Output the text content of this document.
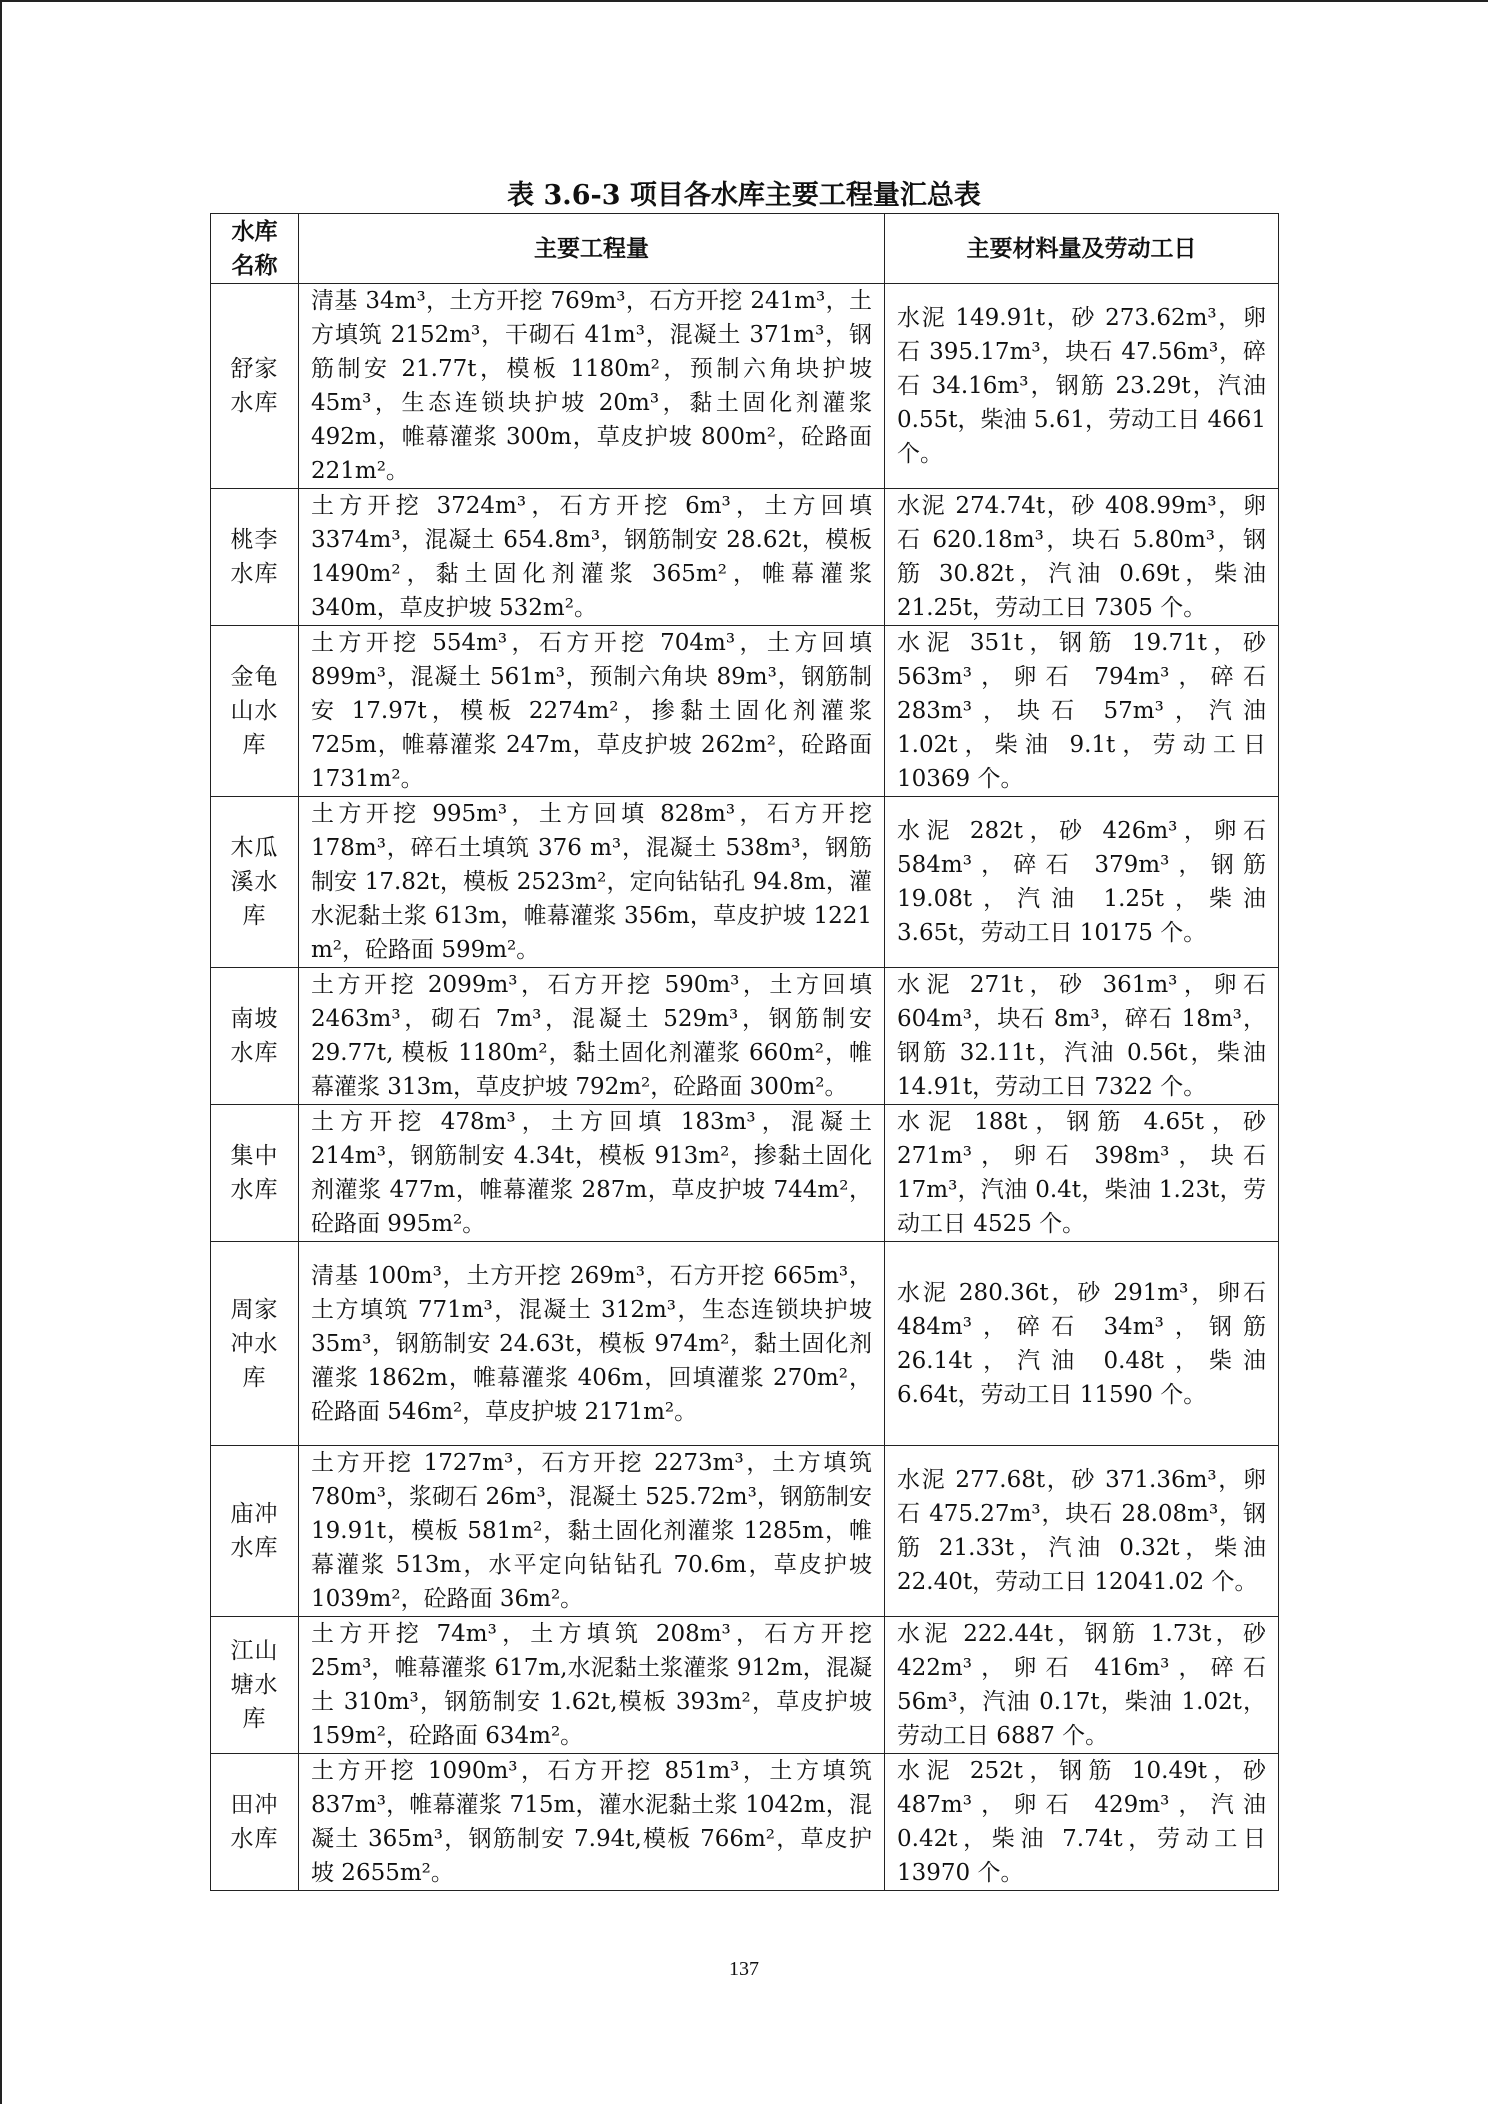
表 3.6-3 项目各水库主要工程量汇总表
水库名称	主要工程量	主要材料量及劳动工日
舒家水库	清基 34m³，土方开挖 769m³，石方开挖 241m³，土方填筑 2152m³，干砌石 41m³，混凝土 371m³，钢筋制安 21.77t，模板 1180m²，预制六角块护坡 45m³，生态连锁块护坡 20m³，黏土固化剂灌浆 492m，帷幕灌浆 300m，草皮护坡 800m²，砼路面 221m²。	水泥 149.91t，砂 273.62m³，卵石 395.17m³，块石 47.56m³，碎石 34.16m³，钢筋 23.29t，汽油 0.55t，柴油 5.61，劳动工日 4661 个。
桃李水库	土方开挖 3724m³，石方开挖 6m³，土方回填 3374m³，混凝土 654.8m³，钢筋制安 28.62t，模板 1490m²，黏土固化剂灌浆 365m²，帷幕灌浆 340m，草皮护坡 532m²。	水泥 274.74t，砂 408.99m³，卵石 620.18m³，块石 5.80m³，钢筋 30.82t，汽油 0.69t，柴油 21.25t，劳动工日 7305 个。
金龟山水库	土方开挖 554m³，石方开挖 704m³，土方回填 899m³，混凝土 561m³，预制六角块 89m³，钢筋制安 17.97t，模板 2274m²，掺黏土固化剂灌浆 725m，帷幕灌浆 247m，草皮护坡 262m²，砼路面 1731m²。	水泥 351t，钢筋 19.71t，砂 563m³，卵石 794m³，碎石 283m³，块石 57m³，汽油 1.02t，柴油 9.1t，劳动工日 10369 个。
木瓜溪水库	土方开挖 995m³，土方回填 828m³，石方开挖 178m³，碎石土填筑 376 m³，混凝土 538m³，钢筋制安 17.82t，模板 2523m²，定向钻钻孔 94.8m，灌水泥黏土浆 613m，帷幕灌浆 356m，草皮护坡 1221 m²，砼路面 599m²。	水泥 282t，砂 426m³，卵石 584m³，碎石 379m³，钢筋 19.08t，汽油 1.25t，柴油 3.65t，劳动工日 10175 个。
南坡水库	土方开挖 2099m³，石方开挖 590m³，土方回填 2463m³，砌石 7m³，混凝土 529m³，钢筋制安 29.77t, 模板 1180m²，黏土固化剂灌浆 660m²，帷幕灌浆 313m，草皮护坡 792m²，砼路面 300m²。	水泥 271t，砂 361m³，卵石 604m³，块石 8m³，碎石 18m³，钢筋 32.11t，汽油 0.56t，柴油 14.91t，劳动工日 7322 个。
集中水库	土方开挖 478m³，土方回填 183m³，混凝土 214m³，钢筋制安 4.34t，模板 913m²，掺黏土固化剂灌浆 477m，帷幕灌浆 287m，草皮护坡 744m²，砼路面 995m²。	水泥 188t，钢筋 4.65t，砂 271m³，卵石 398m³，块石 17m³，汽油 0.4t，柴油 1.23t，劳动工日 4525 个。
周家冲水库	清基 100m³，土方开挖 269m³，石方开挖 665m³，土方填筑 771m³，混凝土 312m³，生态连锁块护坡 35m³，钢筋制安 24.63t，模板 974m²，黏土固化剂灌浆 1862m，帷幕灌浆 406m，回填灌浆 270m²，砼路面 546m²，草皮护坡 2171m²。	水泥 280.36t，砂 291m³，卵石 484m³，碎石 34m³，钢筋 26.14t，汽油 0.48t，柴油 6.64t，劳动工日 11590 个。
庙冲水库	土方开挖 1727m³，石方开挖 2273m³，土方填筑 780m³，浆砌石 26m³，混凝土 525.72m³，钢筋制安 19.91t，模板 581m²，黏土固化剂灌浆 1285m，帷幕灌浆 513m，水平定向钻钻孔 70.6m，草皮护坡 1039m²，砼路面 36m²。	水泥 277.68t，砂 371.36m³，卵石 475.27m³，块石 28.08m³，钢筋 21.33t，汽油 0.32t，柴油 22.40t，劳动工日 12041.02 个。
江山塘水库	土方开挖 74m³，土方填筑 208m³，石方开挖 25m³，帷幕灌浆 617m,水泥黏土浆灌浆 912m，混凝土 310m³，钢筋制安 1.62t,模板 393m²，草皮护坡 159m²，砼路面 634m²。	水泥 222.44t，钢筋 1.73t，砂 422m³，卵石 416m³，碎石 56m³，汽油 0.17t，柴油 1.02t，劳动工日 6887 个。
田冲水库	土方开挖 1090m³，石方开挖 851m³，土方填筑 837m³，帷幕灌浆 715m，灌水泥黏土浆 1042m，混凝土 365m³，钢筋制安 7.94t,模板 766m²，草皮护坡 2655m²。	水泥 252t，钢筋 10.49t，砂 487m³，卵石 429m³，汽油 0.42t，柴油 7.74t，劳动工日 13970 个。
137
